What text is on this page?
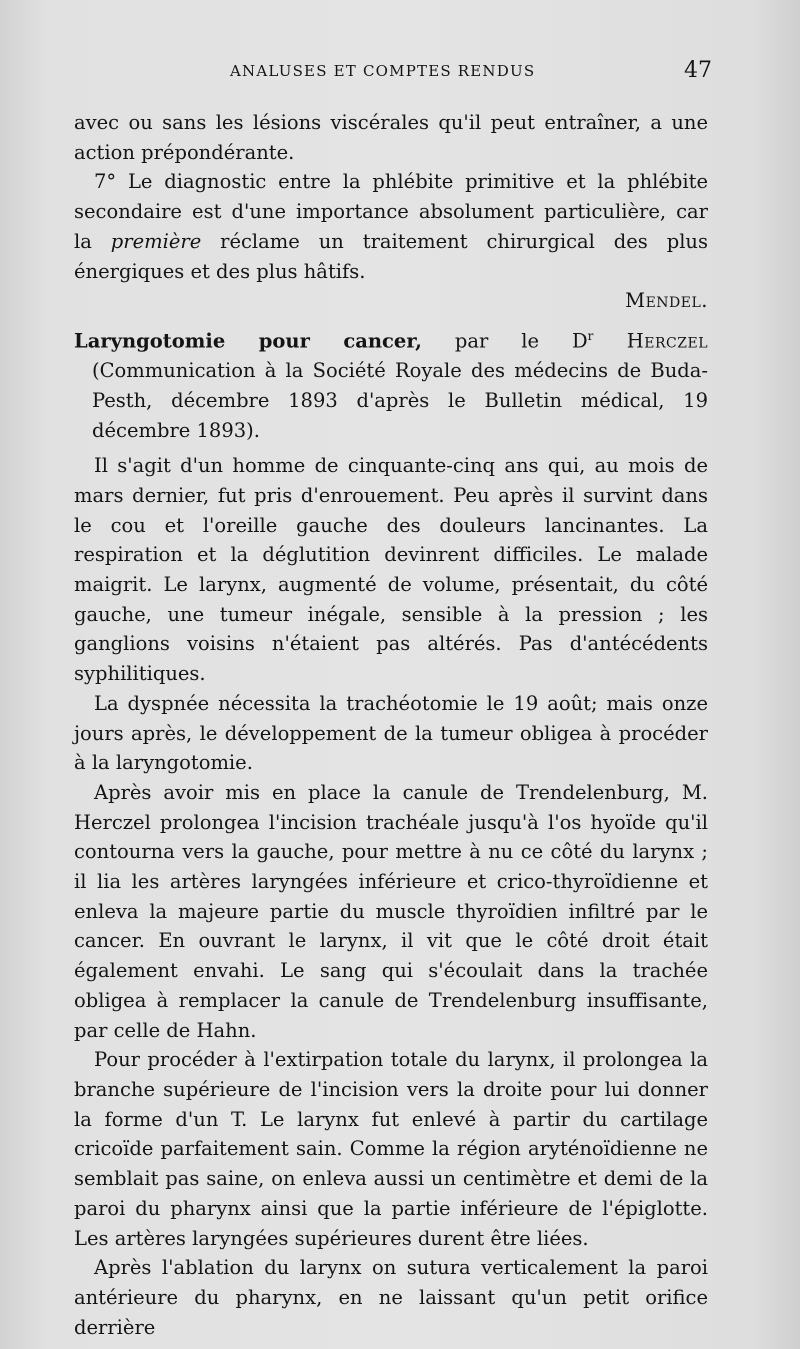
ANALUSES ET COMPTES RENDUS	47

avec ou sans les lésions viscérales qu'il peut entraîner, a une action prépondérante.

7° Le diagnostic entre la phlébite primitive et la phlébite secondaire est d'une importance absolument particulière, car la première réclame un traitement chirurgical des plus énergiques et des plus hâtifs.

Mendel.

Laryngotomie pour cancer, par le $D^r$ Herczel (Communication à la Société Royale des médecins de Buda-Pesth, décembre 1893 d'après le Bulletin médical, 19 décembre 1893).

Il s'agit d'un homme de cinquante-cinq ans qui, au mois de mars dernier, fut pris d'enrouement. Peu après il survint dans le cou et l'oreille gauche des douleurs lancinantes. La respiration et la déglutition devinrent difficiles. Le malade maigrit. Le larynx, augmenté de volume, présentait, du côté gauche, une tumeur inégale, sensible à la pression ; les ganglions voisins n'étaient pas altérés. Pas d'antécédents syphilitiques.

La dyspnée nécessita la trachéotomie le 19 août; mais onze jours après, le développement de la tumeur obligea à procéder à la laryngotomie.

Après avoir mis en place la canule de Trendelenburg, M. Herczel prolongea l'incision trachéale jusqu'à l'os hyoïde qu'il contourna vers la gauche, pour mettre à nu ce côté du larynx ; il lia les artères laryngées inférieure et crico-thyroïdienne et enleva la majeure partie du muscle thyroïdien infiltré par le cancer. En ouvrant le larynx, il vit que le côté droit était également envahi. Le sang qui s'écoulait dans la trachée obligea à remplacer la canule de Trendelenburg insuffisante, par celle de Hahn.

Pour procéder à l'extirpation totale du larynx, il prolongea la branche supérieure de l'incision vers la droite pour lui donner la forme d'un T. Le larynx fut enlevé à partir du cartilage cricoïde parfaitement sain. Comme la région aryténoïdienne ne semblait pas saine, on enleva aussi un centimètre et demi de la paroi du pharynx ainsi que la partie inférieure de l'épiglotte. Les artères laryngées supérieures durent être liées.

Après l'ablation du larynx on sutura verticalement la paroi antérieure du pharynx, en ne laissant qu'un petit orifice derrière
